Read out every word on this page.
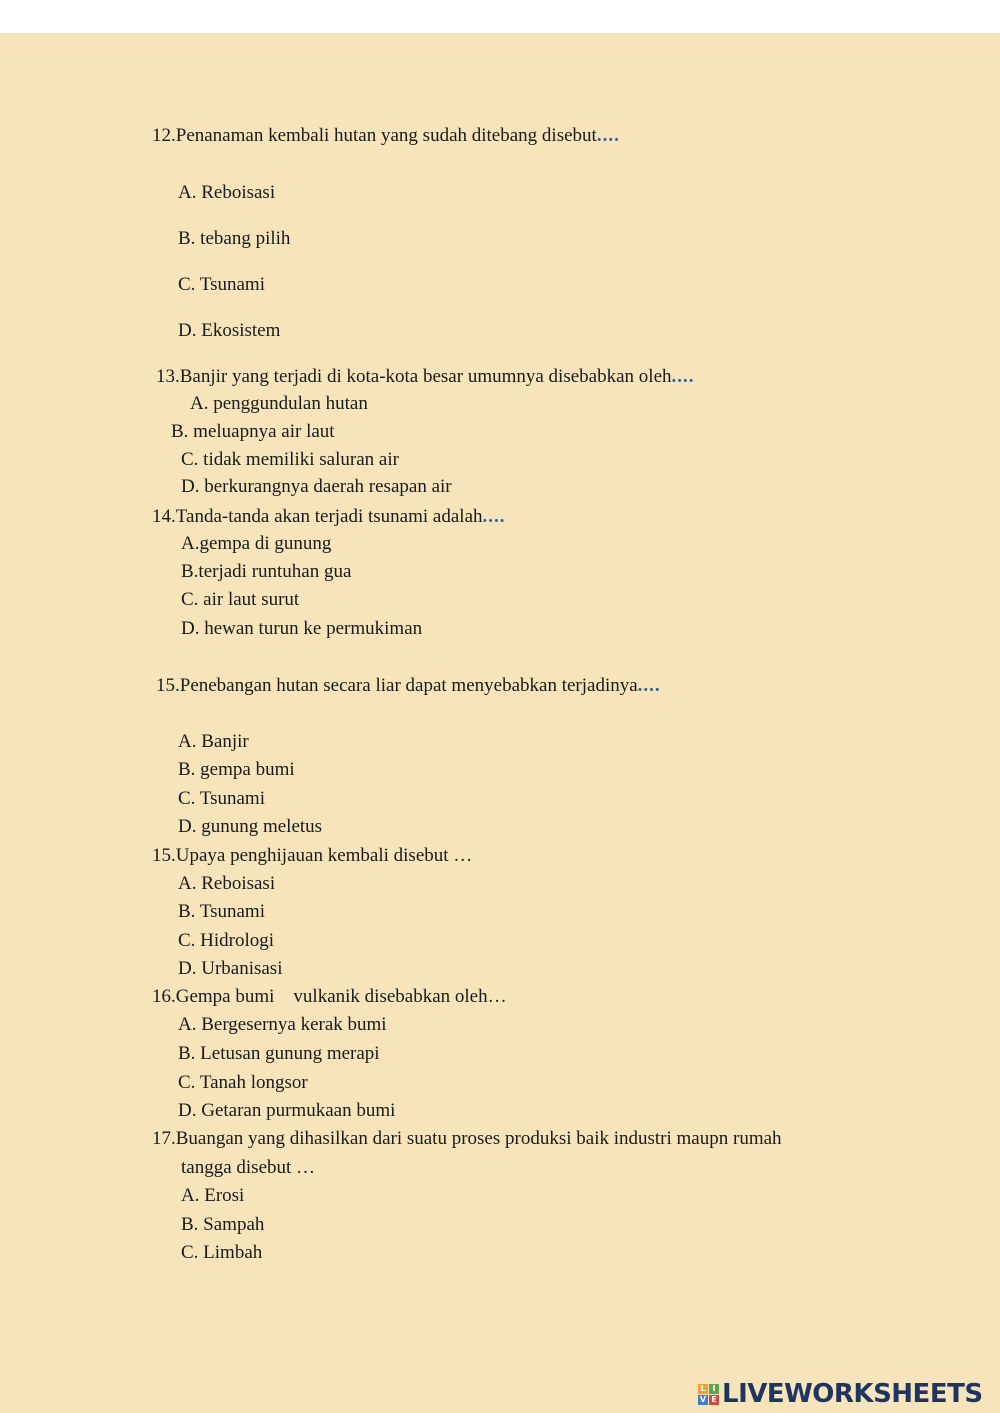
12.Penanaman kembali hutan yang sudah ditebang disebut....
A. Reboisasi
B. tebang pilih
C. Tsunami
D. Ekosistem
13.Banjir yang terjadi di kota-kota besar umumnya disebabkan oleh....
A. penggundulan hutan
B. meluapnya air laut
C. tidak memiliki saluran air
D. berkurangnya daerah resapan air
14.Tanda-tanda akan terjadi tsunami adalah....
A.gempa di gunung
B.terjadi runtuhan gua
C. air laut surut
D. hewan turun ke permukiman
15.Penebangan hutan secara liar dapat menyebabkan terjadinya....
A. Banjir
B. gempa bumi
C. Tsunami
D. gunung meletus
15.Upaya penghijauan kembali disebut …
A. Reboisasi
B. Tsunami
C. Hidrologi
D. Urbanisasi
16.Gempa bumi    vulkanik disebabkan oleh…
A. Bergesernya kerak bumi
B. Letusan gunung merapi
C. Tanah longsor
D. Getaran purmukaan bumi
17.Buangan yang dihasilkan dari suatu proses produksi baik industri maupn rumah
tangga disebut …
A. Erosi
B. Sampah
C. Limbah
L I
V E LIVEWORKSHEETS
